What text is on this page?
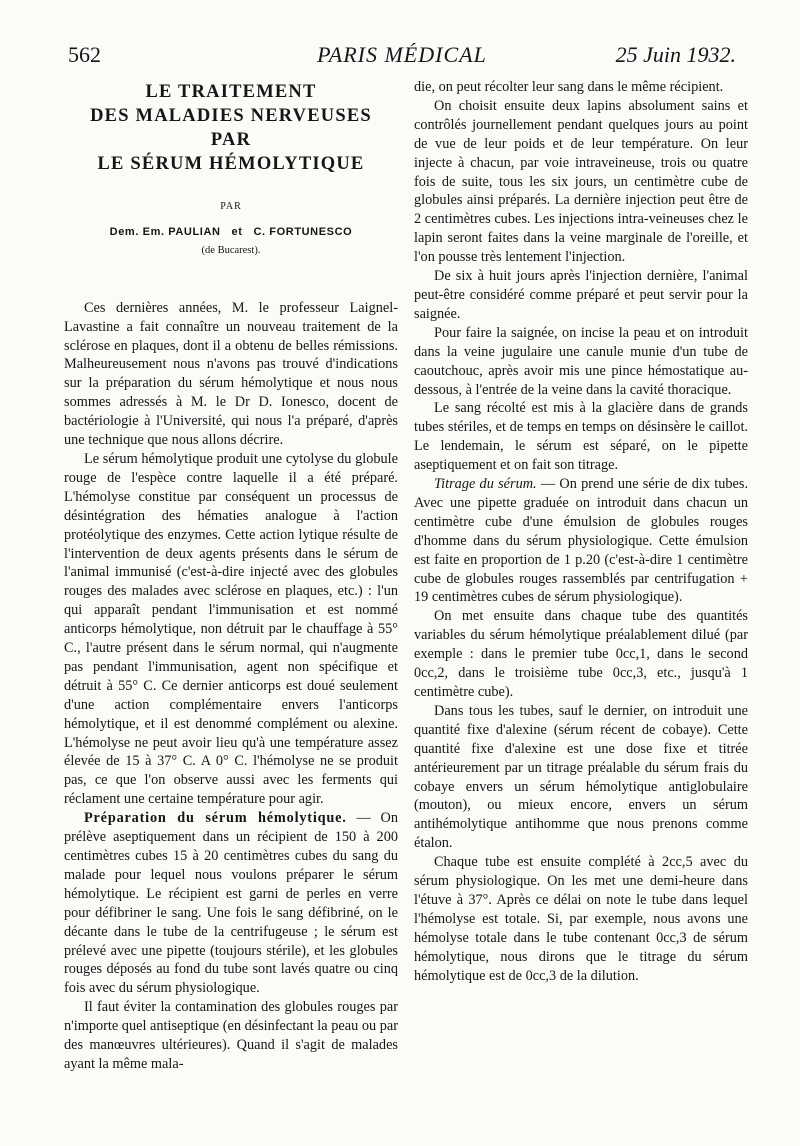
562	PARIS MÉDICAL	25 Juin 1932.
LE TRAITEMENT
DES MALADIES NERVEUSES
PAR
LE SÉRUM HÉMOLYTIQUE
PAR
Dem. Em. PAULIAN   et   C. FORTUNESCO
(de Bucarest).

Ces dernières années, M. le professeur Laignel-Lavastine a fait connaître un nouveau traitement de la sclérose en plaques, dont il a obtenu de belles rémissions. Malheureusement nous n'avons pas trouvé d'indications sur la préparation du sérum hémolytique et nous nous sommes adressés à M. le Dr D. Ionesco, docent de bactériologie à l'Université, qui nous l'a préparé, d'après une technique que nous allons décrire.

Le sérum hémolytique produit une cytolyse du globule rouge de l'espèce contre laquelle il a été préparé. L'hémolyse constitue par conséquent un processus de désintégration des hématies analogue à l'action protéolytique des enzymes. Cette action lytique résulte de l'intervention de deux agents présents dans le sérum de l'animal immunisé (c'est-à-dire injecté avec des globules rouges des malades avec sclérose en plaques, etc.) : l'un qui apparaît pendant l'immunisation et est nommé anticorps hémolytique, non détruit par le chauffage à 55° C., l'autre présent dans le sérum normal, qui n'augmente pas pendant l'immunisation, agent non spécifique et détruit à 55° C. Ce dernier anticorps est doué seulement d'une action complémentaire envers l'anticorps hémolytique, et il est denommé complément ou alexine. L'hémolyse ne peut avoir lieu qu'à une température assez élevée de 15 à 37° C. A 0° C. l'hémolyse ne se produit pas, ce que l'on observe aussi avec les ferments qui réclament une certaine température pour agir.

Préparation du sérum hémolytique. — On prélève aseptiquement dans un récipient de 150 à 200 centimètres cubes 15 à 20 centimètres cubes du sang du malade pour lequel nous voulons préparer le sérum hémolytique. Le récipient est garni de perles en verre pour défibriner le sang. Une fois le sang défibriné, on le décante dans le tube de la centrifugeuse ; le sérum est prélevé avec une pipette (toujours stérile), et les globules rouges déposés au fond du tube sont lavés quatre ou cinq fois avec du sérum physiologique.

Il faut éviter la contamination des globules rouges par n'importe quel antiseptique (en désinfectant la peau ou par des manœuvres ultérieures). Quand il s'agit de malades ayant la même mala-

die, on peut récolter leur sang dans le même récipient.

On choisit ensuite deux lapins absolument sains et contrôlés journellement pendant quelques jours au point de vue de leur poids et de leur température. On leur injecte à chacun, par voie intraveineuse, trois ou quatre fois de suite, tous les six jours, un centimètre cube de globules ainsi préparés. La dernière injection peut être de 2 centimètres cubes. Les injections intra-veineuses chez le lapin seront faites dans la veine marginale de l'oreille, et l'on pousse très lentement l'injection.

De six à huit jours après l'injection dernière, l'animal peut-être considéré comme préparé et peut servir pour la saignée.

Pour faire la saignée, on incise la peau et on introduit dans la veine jugulaire une canule munie d'un tube de caoutchouc, après avoir mis une pince hémostatique au-dessous, à l'entrée de la veine dans la cavité thoracique.

Le sang récolté est mis à la glacière dans de grands tubes stériles, et de temps en temps on désinsère le caillot. Le lendemain, le sérum est séparé, on le pipette aseptiquement et on fait son titrage.

Titrage du sérum. — On prend une série de dix tubes. Avec une pipette graduée on introduit dans chacun un centimètre cube d'une émulsion de globules rouges d'homme dans du sérum physiologique. Cette émulsion est faite en proportion de 1 p.20 (c'est-à-dire 1 centimètre cube de globules rouges rassemblés par centrifugation + 19 centimètres cubes de sérum physiologique).

On met ensuite dans chaque tube des quantités variables du sérum hémolytique préalablement dilué (par exemple : dans le premier tube 0cc,1, dans le second 0cc,2, dans le troisième tube 0cc,3, etc., jusqu'à 1 centimètre cube).

Dans tous les tubes, sauf le dernier, on introduit une quantité fixe d'alexine (sérum récent de cobaye). Cette quantité fixe d'alexine est une dose fixe et titrée antérieurement par un titrage préalable du sérum frais du cobaye envers un sérum hémolytique antiglobulaire (mouton), ou mieux encore, envers un sérum antihémolytique antihomme que nous prenons comme étalon.

Chaque tube est ensuite complété à 2cc,5 avec du sérum physiologique. On les met une demi-heure dans l'étuve à 37°. Après ce délai on note le tube dans lequel l'hémolyse est totale. Si, par exemple, nous avons une hémolyse totale dans le tube contenant 0cc,3 de sérum hémolytique, nous dirons que le titrage du sérum hémolytique est de 0cc,3 de la dilution.
